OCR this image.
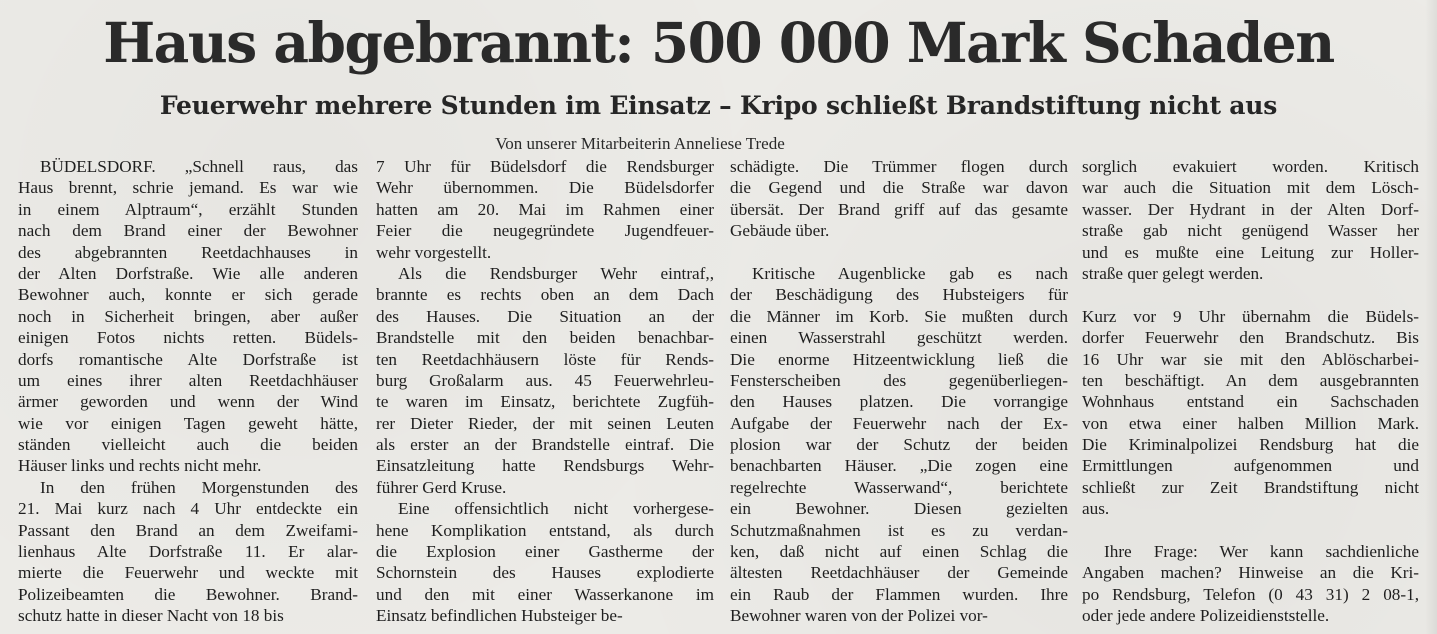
Haus abgebrannt: 500 000 Mark Schaden
Feuerwehr mehrere Stunden im Einsatz – Kripo schließt Brandstiftung nicht aus
Von unserer Mitarbeiterin Anneliese Trede
BÜDELSDORF. „Schnell raus, das
Haus brennt, schrie jemand. Es war wie
in einem Alptraum“, erzählt Stunden
nach dem Brand einer der Bewohner
des abgebrannten Reetdachhauses in
der Alten Dorfstraße. Wie alle anderen
Bewohner auch, konnte er sich gerade
noch in Sicherheit bringen, aber außer
einigen Fotos nichts retten. Büdels-
dorfs romantische Alte Dorfstraße ist
um eines ihrer alten Reetdachhäuser
ärmer geworden und wenn der Wind
wie vor einigen Tagen geweht hätte,
ständen vielleicht auch die beiden
Häuser links und rechts nicht mehr.
In den frühen Morgenstunden des
21. Mai kurz nach 4 Uhr entdeckte ein
Passant den Brand an dem Zweifami-
lienhaus Alte Dorfstraße 11. Er alar-
mierte die Feuerwehr und weckte mit
Polizeibeamten die Bewohner. Brand-
schutz hatte in dieser Nacht von 18 bis
7 Uhr für Büdelsdorf die Rendsburger
Wehr übernommen. Die Büdelsdorfer
hatten am 20. Mai im Rahmen einer
Feier die neugegründete Jugendfeuer-
wehr vorgestellt.
Als die Rendsburger Wehr eintraf,,
brannte es rechts oben an dem Dach
des Hauses. Die Situation an der
Brandstelle mit den beiden benachbar-
ten Reetdachhäusern löste für Rends-
burg Großalarm aus. 45 Feuerwehrleu-
te waren im Einsatz, berichtete Zugfüh-
rer Dieter Rieder, der mit seinen Leuten
als erster an der Brandstelle eintraf. Die
Einsatzleitung hatte Rendsburgs Wehr-
führer Gerd Kruse.
Eine offensichtlich nicht vorhergese-
hene Komplikation entstand, als durch
die Explosion einer Gastherme der
Schornstein des Hauses explodierte
und den mit einer Wasserkanone im
Einsatz befindlichen Hubsteiger be-
schädigte. Die Trümmer flogen durch
die Gegend und die Straße war davon
übersät. Der Brand griff auf das gesamte
Gebäude über.
Kritische Augenblicke gab es nach
der Beschädigung des Hubsteigers für
die Männer im Korb. Sie mußten durch
einen Wasserstrahl geschützt werden.
Die enorme Hitzeentwicklung ließ die
Fensterscheiben des gegenüberliegen-
den Hauses platzen. Die vorrangige
Aufgabe der Feuerwehr nach der Ex-
plosion war der Schutz der beiden
benachbarten Häuser. „Die zogen eine
regelrechte Wasserwand“, berichtete
ein Bewohner. Diesen gezielten
Schutzmaßnahmen ist es zu verdan-
ken, daß nicht auf einen Schlag die
ältesten Reetdachhäuser der Gemeinde
ein Raub der Flammen wurden. Ihre
Bewohner waren von der Polizei vor-
sorglich evakuiert worden. Kritisch
war auch die Situation mit dem Lösch-
wasser. Der Hydrant in der Alten Dorf-
straße gab nicht genügend Wasser her
und es mußte eine Leitung zur Holler-
straße quer gelegt werden.
Kurz vor 9 Uhr übernahm die Büdels-
dorfer Feuerwehr den Brandschutz. Bis
16 Uhr war sie mit den Ablöscharbei-
ten beschäftigt. An dem ausgebrannten
Wohnhaus entstand ein Sachschaden
von etwa einer halben Million Mark.
Die Kriminalpolizei Rendsburg hat die
Ermittlungen aufgenommen und
schließt zur Zeit Brandstiftung nicht
aus.
Ihre Frage: Wer kann sachdienliche
Angaben machen? Hinweise an die Kri-
po Rendsburg, Telefon (0 43 31) 2 08-1,
oder jede andere Polizeidienststelle.
